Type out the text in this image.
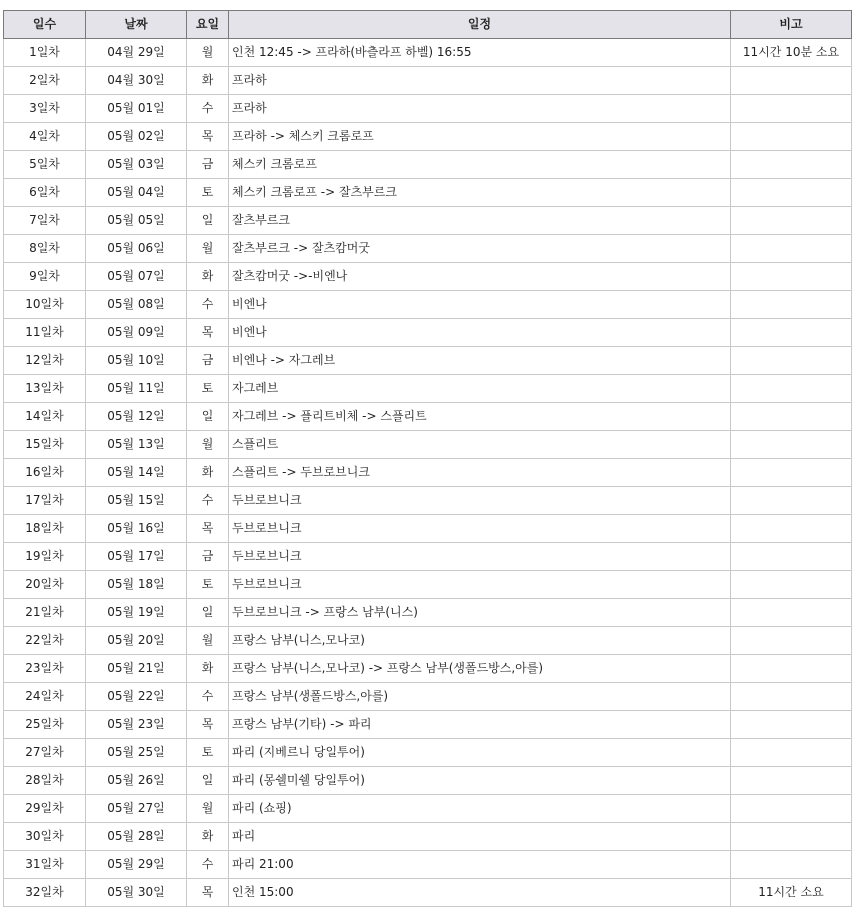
일수	날짜	요일	일정	비고
1일차	04월 29일	월	인천 12:45 -> 프라하(바츨라프 하벨) 16:55	11시간 10분 소요
2일차	04월 30일	화	프라하	
3일차	05월 01일	수	프라하	
4일차	05월 02일	목	프라하 -> 체스키 크롬로프	
5일차	05월 03일	금	체스키 크롬로프	
6일차	05월 04일	토	체스키 크롬로프 -> 잘츠부르크	
7일차	05월 05일	일	잘츠부르크	
8일차	05월 06일	월	잘츠부르크 -> 잘츠캄머굿	
9일차	05월 07일	화	잘츠캄머굿 ->-비엔나	
10일차	05월 08일	수	비엔나	
11일차	05월 09일	목	비엔나	
12일차	05월 10일	금	비엔나 -> 자그레브	
13일차	05월 11일	토	자그레브	
14일차	05월 12일	일	자그레브 -> 플리트비체 -> 스플리트	
15일차	05월 13일	월	스플리트	
16일차	05월 14일	화	스플리트 -> 두브로브니크	
17일차	05월 15일	수	두브로브니크	
18일차	05월 16일	목	두브로브니크	
19일차	05월 17일	금	두브로브니크	
20일차	05월 18일	토	두브로브니크	
21일차	05월 19일	일	두브로브니크 -> 프랑스 남부(니스)	
22일차	05월 20일	월	프랑스 남부(니스,모나코)	
23일차	05월 21일	화	프랑스 남부(니스,모나코) -> 프랑스 남부(생폴드방스,아를)	
24일차	05월 22일	수	프랑스 남부(생폴드방스,아를)	
25일차	05월 23일	목	프랑스 남부(기타) -> 파리	
27일차	05월 25일	토	파리 (지베르니 당일투어)	
28일차	05월 26일	일	파리 (몽쉘미쉘 당일투어)	
29일차	05월 27일	월	파리 (쇼핑)	
30일차	05월 28일	화	파리	
31일차	05월 29일	수	파리 21:00	
32일차	05월 30일	목	인천 15:00	11시간 소요
